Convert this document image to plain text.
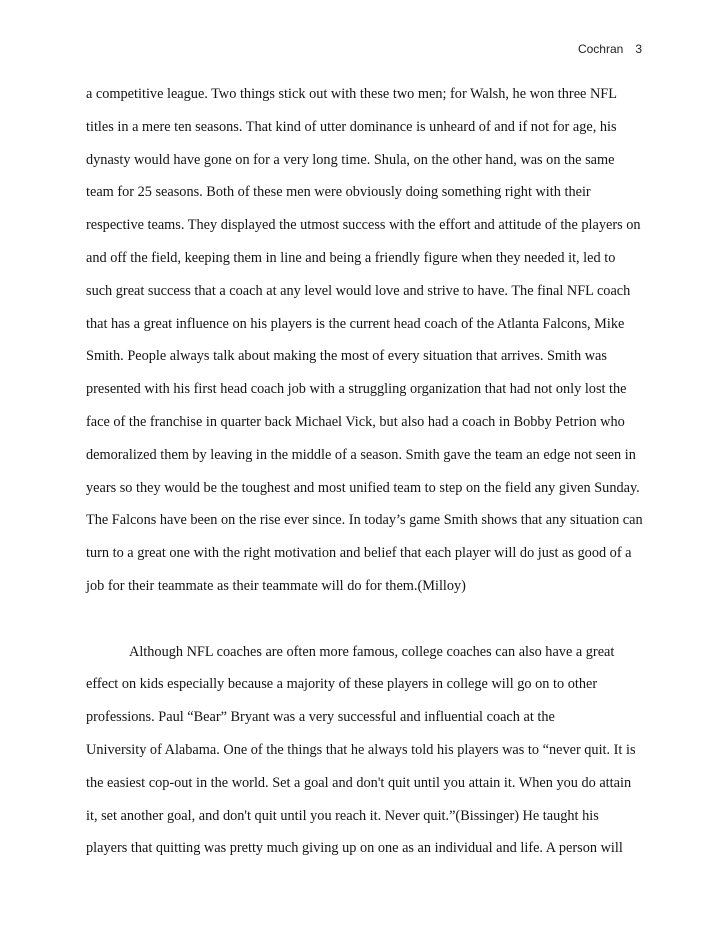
Cochran 3
a competitive league. Two things stick out with these two men; for Walsh, he won three NFL
titles in a mere ten seasons. That kind of utter dominance is unheard of and if not for age, his
dynasty would have gone on for a very long time. Shula, on the other hand, was on the same
team for 25 seasons. Both of these men were obviously doing something right with their
respective teams. They displayed the utmost success with the effort and attitude of the players on
and off the field, keeping them in line and being a friendly figure when they needed it, led to
such great success that a coach at any level would love and strive to have. The final NFL coach
that has a great influence on his players is the current head coach of the Atlanta Falcons, Mike
Smith. People always talk about making the most of every situation that arrives. Smith was
presented with his first head coach job with a struggling organization that had not only lost the
face of the franchise in quarter back Michael Vick, but also had a coach in Bobby Petrion who
demoralized them by leaving in the middle of a season. Smith gave the team an edge not seen in
years so they would be the toughest and most unified team to step on the field any given Sunday.
The Falcons have been on the rise ever since. In today’s game Smith shows that any situation can
turn to a great one with the right motivation and belief that each player will do just as good of a
job for their teammate as their teammate will do for them.(Milloy)
Although NFL coaches are often more famous, college coaches can also have a great
effect on kids especially because a majority of these players in college will go on to other
professions. Paul “Bear” Bryant was a very successful and influential coach at the
University of Alabama. One of the things that he always told his players was to “never quit. It is
the easiest cop-out in the world. Set a goal and don't quit until you attain it. When you do attain
it, set another goal, and don't quit until you reach it. Never quit.”(Bissinger) He taught his
players that quitting was pretty much giving up on one as an individual and life. A person will
